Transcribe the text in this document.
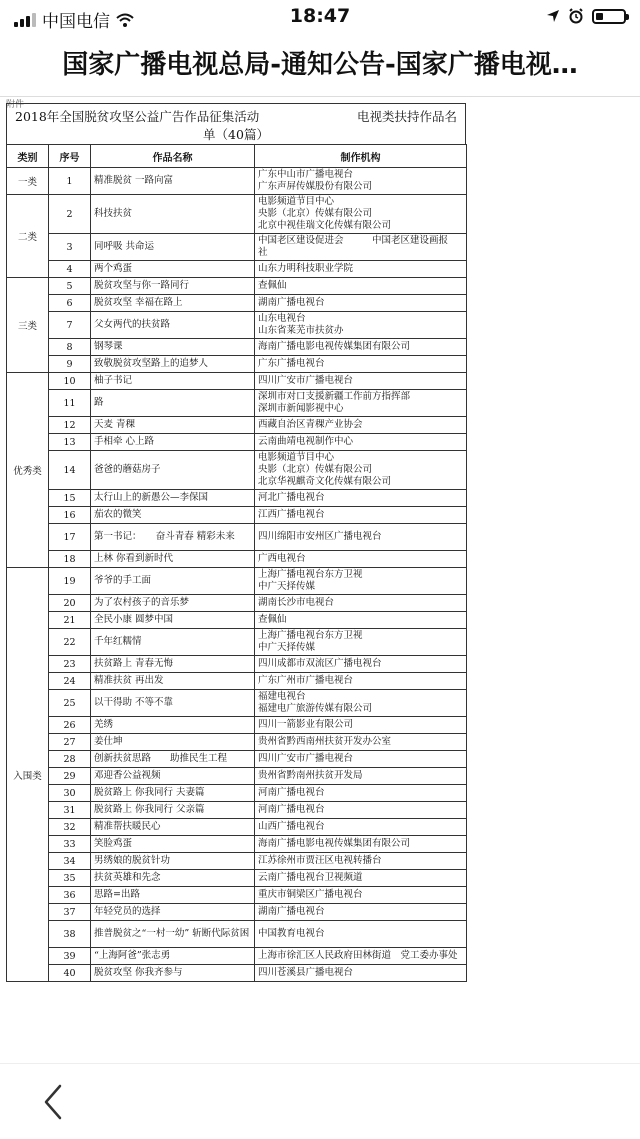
中国电信	18:47
国家广播电视总局-通知公告-国家广播电视…
附件
2018年全国脱贫攻坚公益广告作品征集活动	电视类扶持作品名
单（40篇）
类别	序号	作品名称	制作机构
一类	1	精准脱贫 一路向富	广东中山市广播电视台
广东声屏传媒股份有限公司

二类	2	科技扶贫	电影频道节目中心
央影（北京）传媒有限公司
北京中视佳瑞文化传媒有限公司

	3	同呼吸 共命运	中国老区建设促进会　　　中国老区建设画报
社

	4	两个鸡蛋	山东力明科技职业学院

三类	5	脱贫攻坚与你一路同行	查佩仙

	6	脱贫攻坚 幸福在路上	湖南广播电视台

	7	父女两代的扶贫路	山东电视台
山东省莱芜市扶贫办

	8	钢琴课	海南广播电影电视传媒集团有限公司

	9	致敬脱贫攻坚路上的追梦人	广东广播电视台

优秀类	10	柚子书记	四川广安市广播电视台

	11	路	深圳市对口支援新疆工作前方指挥部
深圳市新闻影视中心

	12	天麦 青稞	西藏自治区青稞产业协会

	13	手相牵 心上路	云南曲靖电视制作中心

	14	爸爸的蘑菇房子	电影频道节目中心
央影（北京）传媒有限公司
北京华视麒奇文化传媒有限公司

	15	太行山上的新愚公—李保国	河北广播电视台

	16	茄农的微笑	江西广播电视台

	17	第一书记：　　奋斗青春 精彩未来	四川绵阳市安州区广播电视台

	18	上林 你看到新时代	广西电视台

入围类	19	爷爷的手工面	上海广播电视台东方卫视
中广天择传媒

	20	为了农村孩子的音乐梦	湖南长沙市电视台

	21	全民小康 圆梦中国	查佩仙

	22	千年红糯情	上海广播电视台东方卫视
中广天择传媒

	23	扶贫路上 青春无悔	四川成都市双流区广播电视台

	24	精准扶贫 再出发	广东广州市广播电视台

	25	以干得助 不等不靠	福建电视台
福建电广旅游传媒有限公司

	26	羌绣	四川一箭影业有限公司

	27	姜仕坤	贵州省黔西南州扶贫开发办公室

	28	创新扶贫思路　　助推民生工程	四川广安市广播电视台

	29	邓迎香公益视频	贵州省黔南州扶贫开发局

	30	脱贫路上 你我同行 夫妻篇	河南广播电视台

	31	脱贫路上 你我同行 父亲篇	河南广播电视台

	32	精准帮扶暖民心	山西广播电视台

	33	笑脸鸡蛋	海南广播电影电视传媒集团有限公司

	34	男绣娘的脱贫针功	江苏徐州市贾汪区电视转播台

	35	扶贫英雄和先念	云南广播电视台卫视频道

	36	思路=出路	重庆市铜梁区广播电视台

	37	年轻党员的选择	湖南广播电视台

	38	推普脱贫之“一村一幼” 斩断代际贫困	中国教育电视台

	39	“上海阿爸”张志勇	上海市徐汇区人民政府田林街道　党工委办事处

	40	脱贫攻坚 你我齐参与	四川苍溪县广播电视台
